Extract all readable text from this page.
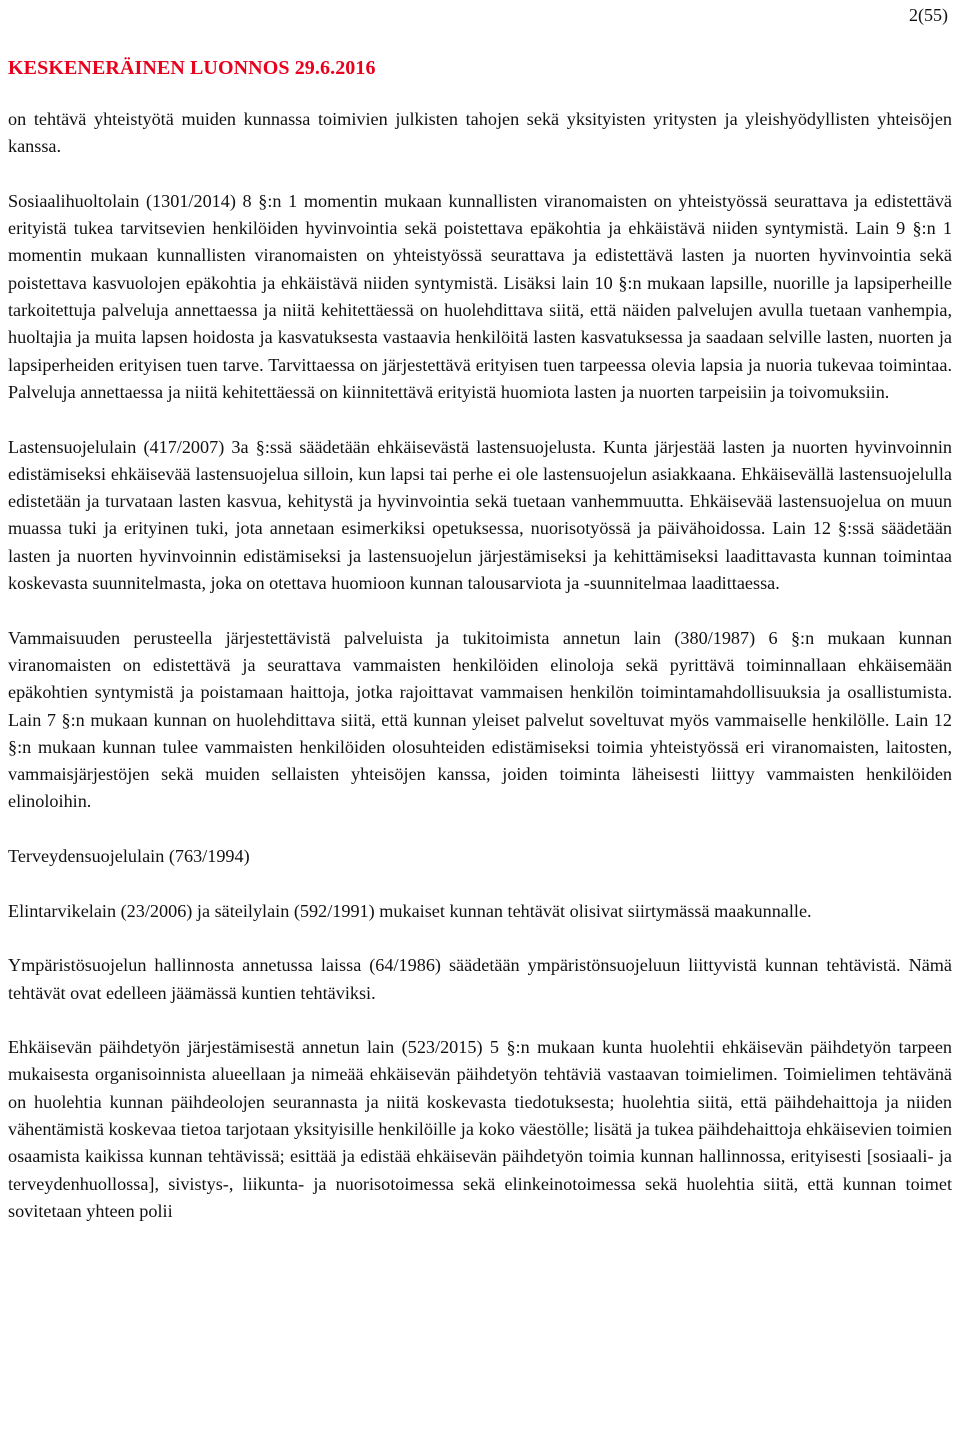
2(55)
KESKENERÄINEN LUONNOS 29.6.2016

on tehtävä yhteistyötä muiden kunnassa toimivien julkisten tahojen sekä yksityisten yritysten ja yleishyödyllisten yhteisöjen kanssa.

Sosiaalihuoltolain (1301/2014) 8 §:n 1 momentin mukaan kunnallisten viranomaisten on yhteistyössä seurattava ja edistettävä erityistä tukea tarvitsevien henkilöiden hyvinvointia sekä poistettava epäkohtia ja ehkäistävä niiden syntymistä. Lain 9 §:n 1 momentin mukaan kunnallisten viranomaisten on yhteistyössä seurattava ja edistettävä lasten ja nuorten hyvinvointia sekä poistettava kasvuolojen epäkohtia ja ehkäistävä niiden syntymistä. Lisäksi lain 10 §:n mukaan lapsille, nuorille ja lapsiperheille tarkoitettuja palveluja annettaessa ja niitä kehitettäessä on huolehdittava siitä, että näiden palvelujen avulla tuetaan vanhempia, huoltajia ja muita lapsen hoidosta ja kasvatuksesta vastaavia henkilöitä lasten kasvatuksessa ja saadaan selville lasten, nuorten ja lapsiperheiden erityisen tuen tarve. Tarvittaessa on järjestettävä erityisen tuen tarpeessa olevia lapsia ja nuoria tukevaa toimintaa. Palveluja annettaessa ja niitä kehitettäessä on kiinnitettävä erityistä huomiota lasten ja nuorten tarpeisiin ja toivomuksiin.

Lastensuojelulain (417/2007) 3a §:ssä säädetään ehkäisevästä lastensuojelusta. Kunta järjestää lasten ja nuorten hyvinvoinnin edistämiseksi ehkäisevää lastensuojelua silloin, kun lapsi tai perhe ei ole lastensuojelun asiakkaana. Ehkäisevällä lastensuojelulla edistetään ja turvataan lasten kasvua, kehitystä ja hyvinvointia sekä tuetaan vanhemmuutta. Ehkäisevää lastensuojelua on muun muassa tuki ja erityinen tuki, jota annetaan esimerkiksi opetuksessa, nuorisotyössä ja päivähoidossa. Lain 12 §:ssä säädetään lasten ja nuorten hyvinvoinnin edistämiseksi ja lastensuojelun järjestämiseksi ja kehittämiseksi laadittavasta kunnan toimintaa koskevasta suunnitelmasta, joka on otettava huomioon kunnan talousarviota ja -suunnitelmaa laadittaessa.

Vammaisuuden perusteella järjestettävistä palveluista ja tukitoimista annetun lain (380/1987) 6 §:n mukaan kunnan viranomaisten on edistettävä ja seurattava vammaisten henkilöiden elinoloja sekä pyrittävä toiminnallaan ehkäisemään epäkohtien syntymistä ja poistamaan haittoja, jotka rajoittavat vammaisen henkilön toimintamahdollisuuksia ja osallistumista. Lain 7 §:n mukaan kunnan on huolehdittava siitä, että kunnan yleiset palvelut soveltuvat myös vammaiselle henkilölle. Lain 12 §:n mukaan kunnan tulee vammaisten henkilöiden olosuhteiden edistämiseksi toimia yhteistyössä eri viranomaisten, laitosten, vammaisjärjestöjen sekä muiden sellaisten yhteisöjen kanssa, joiden toiminta läheisesti liittyy vammaisten henkilöiden elinoloihin.

Terveydensuojelulain (763/1994)

Elintarvikelain (23/2006) ja säteilylain (592/1991) mukaiset kunnan tehtävät olisivat siirtymässä maakunnalle.

Ympäristösuojelun hallinnosta annetussa laissa (64/1986) säädetään ympäristönsuojeluun liittyvistä kunnan tehtävistä. Nämä tehtävät ovat edelleen jäämässä kuntien tehtäviksi.

Ehkäisevän päihdetyön järjestämisestä annetun lain (523/2015) 5 §:n mukaan kunta huolehtii ehkäisevän päihdetyön tarpeen mukaisesta organisoinnista alueellaan ja nimeää ehkäisevän päihdetyön tehtäviä vastaavan toimielimen. Toimielimen tehtävänä on huolehtia kunnan päihdeolojen seurannasta ja niitä koskevasta tiedotuksesta; huolehtia siitä, että päihdehaittoja ja niiden vähentämistä koskevaa tietoa tarjotaan yksityisille henkilöille ja koko väestölle; lisätä ja tukea päihdehaittoja ehkäisevien toimien osaamista kaikissa kunnan tehtävissä; esittää ja edistää ehkäisevän päihdetyön toimia kunnan hallinnossa, erityisesti [sosiaali- ja terveydenhuollossa], sivistys-, liikunta- ja nuorisotoimessa sekä elinkeinotoimessa sekä huolehtia siitä, että kunnan toimet sovitetaan yhteen polii
